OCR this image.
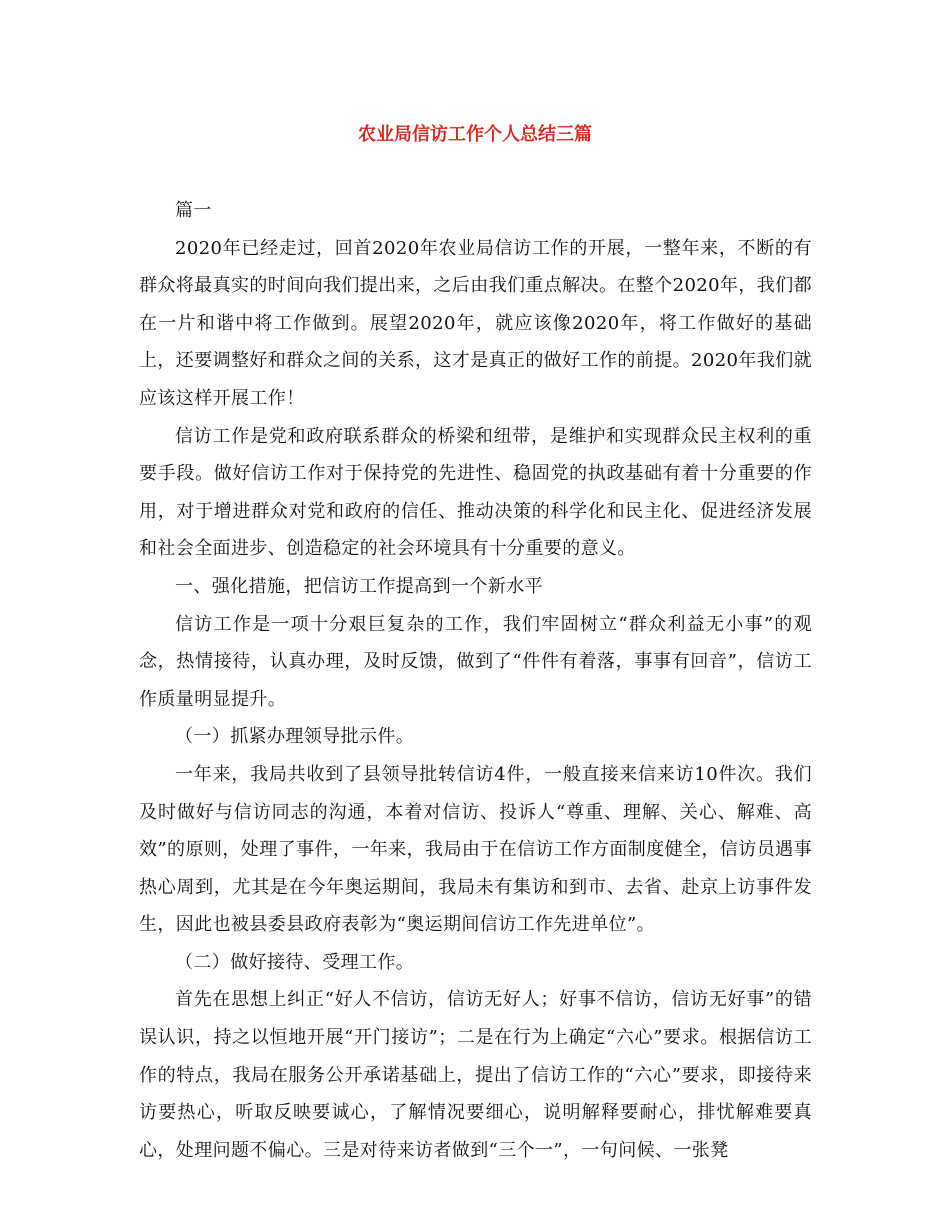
农业局信访工作个人总结三篇

篇一

2020年已经走过，回首2020年农业局信访工作的开展，一整年来，不断的有群众将最真实的时间向我们提出来，之后由我们重点解决。在整个2020年，我们都在一片和谐中将工作做到。展望2020年，就应该像2020年，将工作做好的基础上，还要调整好和群众之间的关系，这才是真正的做好工作的前提。2020年我们就应该这样开展工作！

信访工作是党和政府联系群众的桥梁和纽带，是维护和实现群众民主权利的重要手段。做好信访工作对于保持党的先进性、稳固党的执政基础有着十分重要的作用，对于增进群众对党和政府的信任、推动决策的科学化和民主化、促进经济发展和社会全面进步、创造稳定的社会环境具有十分重要的意义。

一、强化措施，把信访工作提高到一个新水平

信访工作是一项十分艰巨复杂的工作，我们牢固树立“群众利益无小事”的观念，热情接待，认真办理，及时反馈，做到了“件件有着落，事事有回音”，信访工作质量明显提升。

（一）抓紧办理领导批示件。

一年来，我局共收到了县领导批转信访4件，一般直接来信来访10件次。我们及时做好与信访同志的沟通，本着对信访、投诉人“尊重、理解、关心、解难、高效”的原则，处理了事件，一年来，我局由于在信访工作方面制度健全，信访员遇事热心周到，尤其是在今年奥运期间，我局未有集访和到市、去省、赴京上访事件发生，因此也被县委县政府表彰为“奥运期间信访工作先进单位”。

（二）做好接待、受理工作。

首先在思想上纠正“好人不信访，信访无好人；好事不信访，信访无好事”的错误认识，持之以恒地开展“开门接访”；二是在行为上确定“六心”要求。根据信访工作的特点，我局在服务公开承诺基础上，提出了信访工作的“六心”要求，即接待来访要热心，听取反映要诚心，了解情况要细心，说明解释要耐心，排忧解难要真心，处理问题不偏心。三是对待来访者做到“三个一”，一句问候、一张凳
